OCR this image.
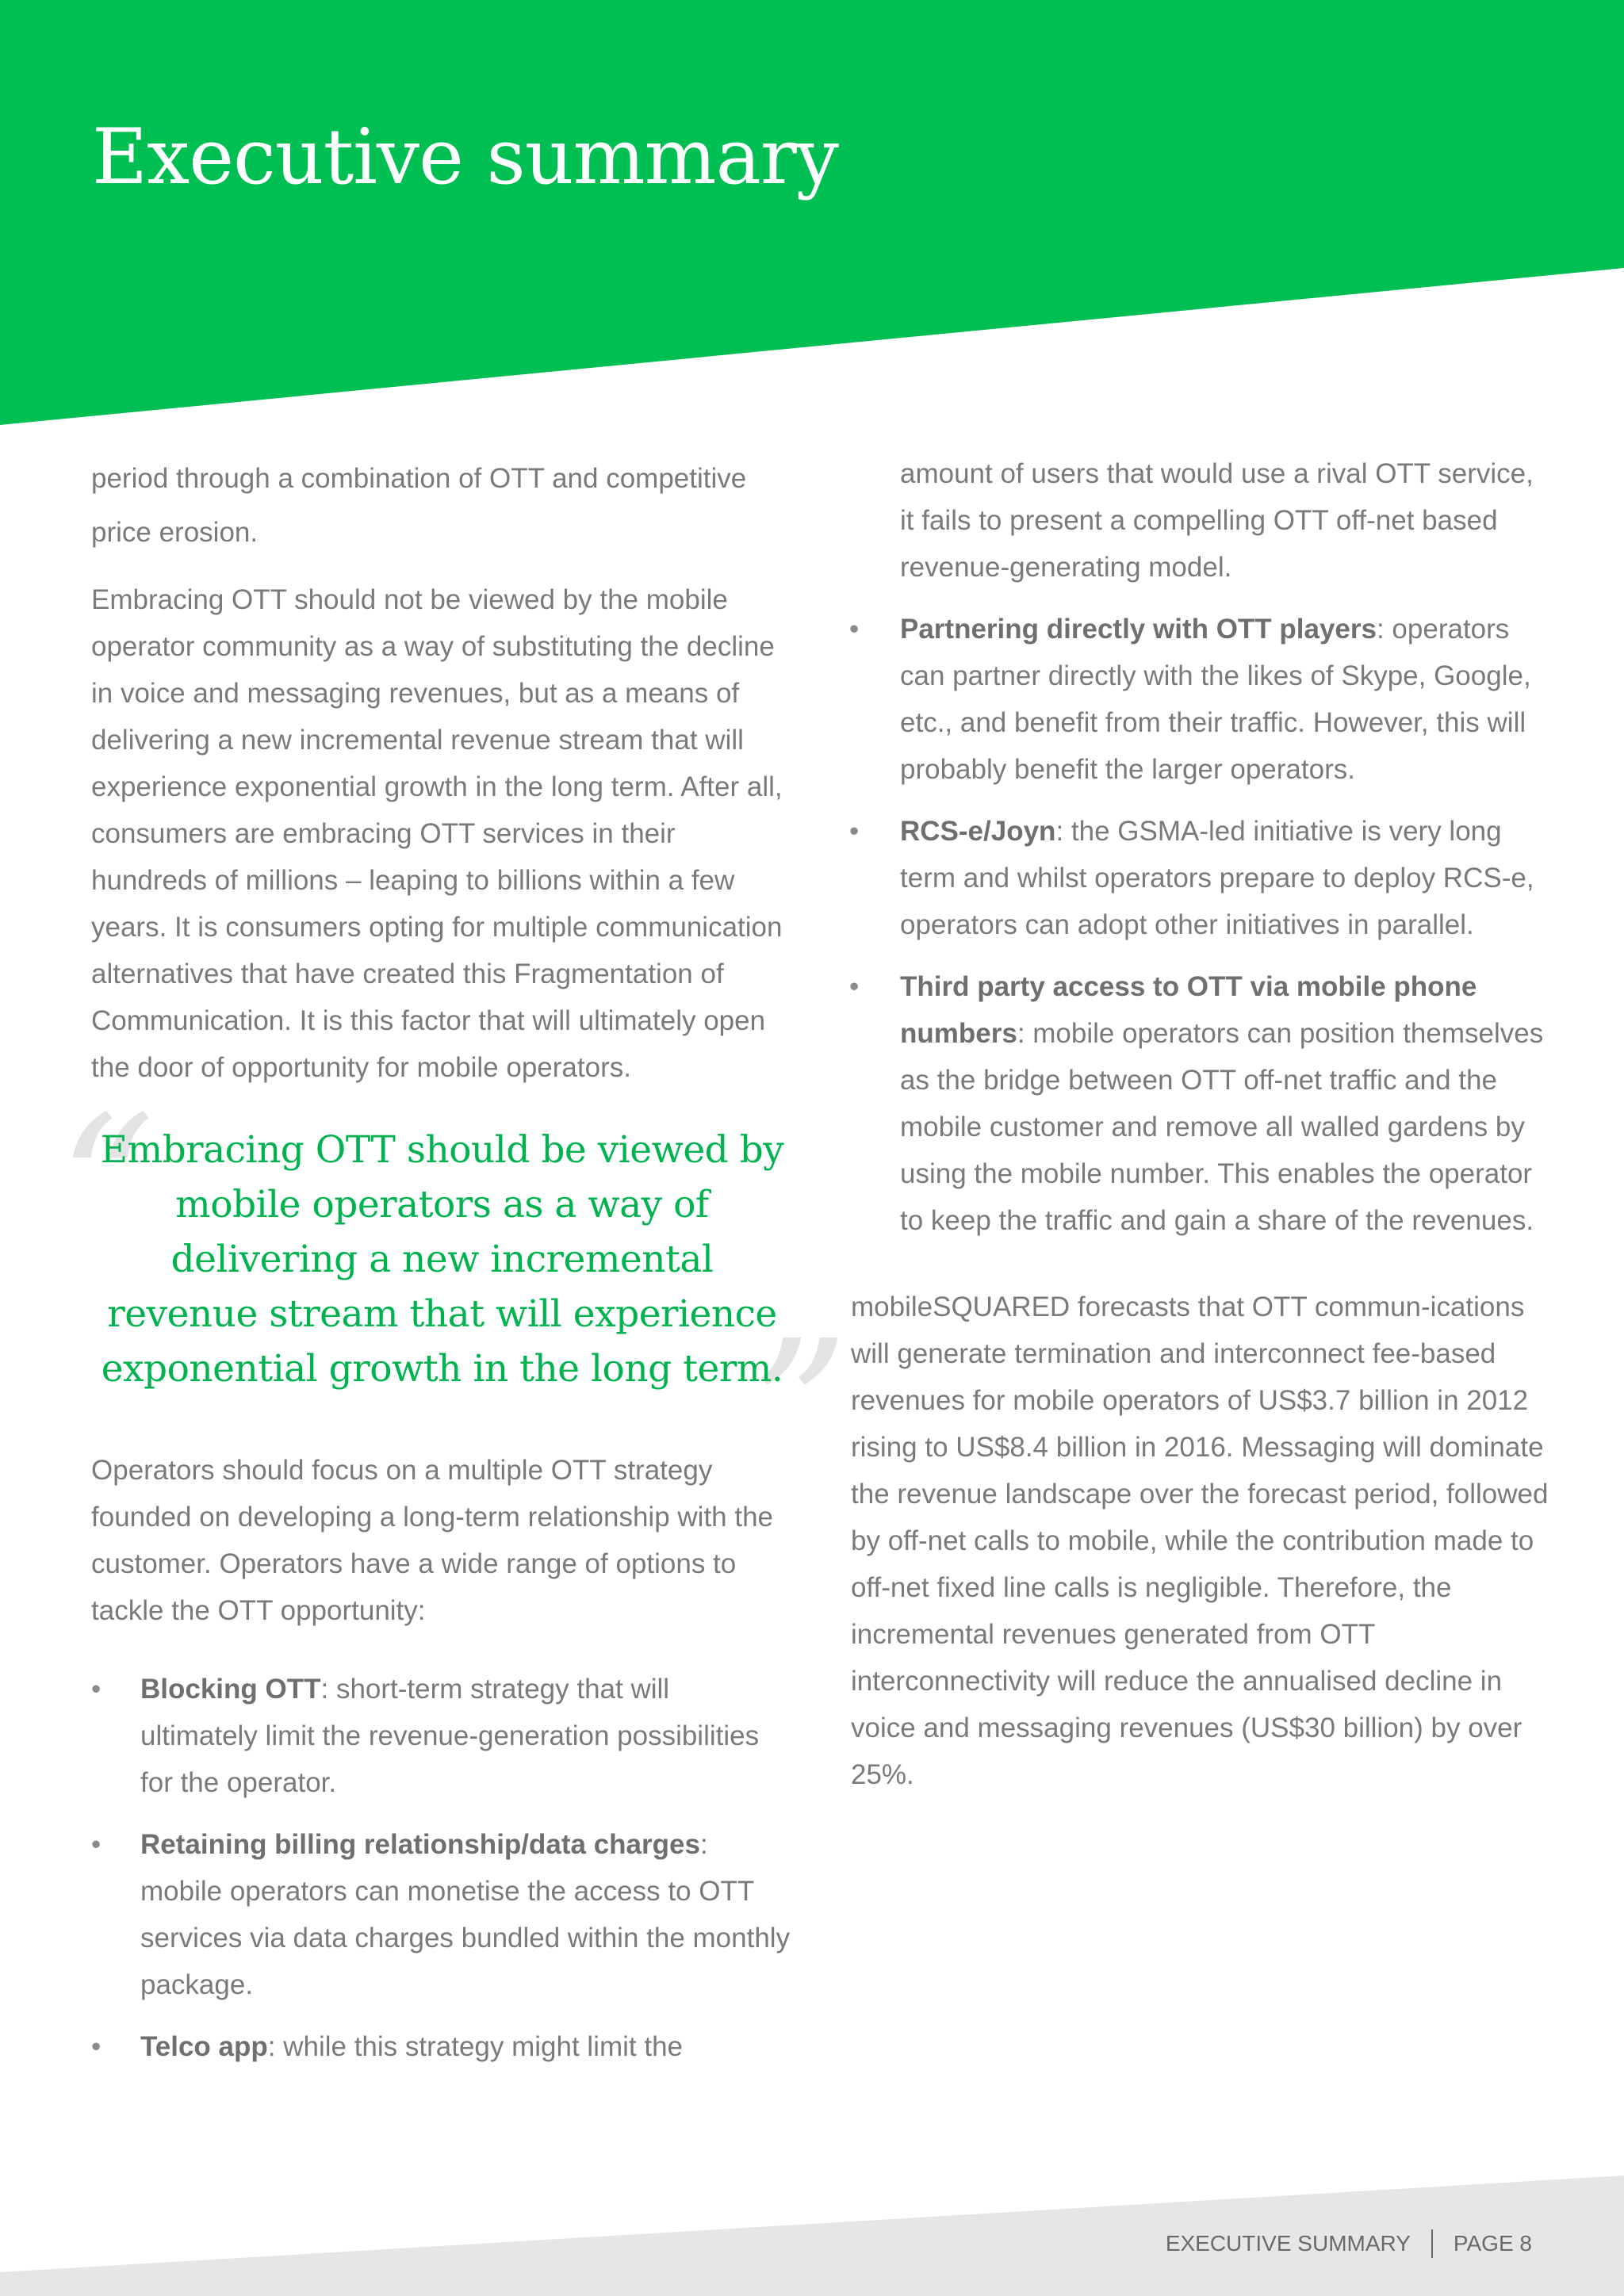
Executive summary

period through a combination of OTT and competitive price erosion.

Embracing OTT should not be viewed by the mobile operator community as a way of substituting the decline in voice and messaging revenues, but as a means of delivering a new incremental revenue stream that will experience exponential growth in the long term. After all, consumers are embracing OTT services in their hundreds of millions – leaping to billions within a few years. It is consumers opting for multiple communication alternatives that have created this Fragmentation of Communication. It is this factor that will ultimately open the door of opportunity for mobile operators.

“
Embracing OTT should be viewed by mobile operators as a way of delivering a new incremental revenue stream that will experience exponential growth in the long term.
”

Operators should focus on a multiple OTT strategy founded on developing a long-term relationship with the customer. Operators have a wide range of options to tackle the OTT opportunity:

• Blocking OTT: short-term strategy that will ultimately limit the revenue-generation possibilities for the operator.
• Retaining billing relationship/data charges: mobile operators can monetise the access to OTT services via data charges bundled within the monthly package.
• Telco app: while this strategy might limit the

amount of users that would use a rival OTT service, it fails to present a compelling OTT off-net based revenue-generating model.

• Partnering directly with OTT players: operators can partner directly with the likes of Skype, Google, etc., and benefit from their traffic. However, this will probably benefit the larger operators.
• RCS-e/Joyn: the GSMA-led initiative is very long term and whilst operators prepare to deploy RCS-e, operators can adopt other initiatives in parallel.
• Third party access to OTT via mobile phone numbers: mobile operators can position themselves as the bridge between OTT off-net traffic and the mobile customer and remove all walled gardens by using the mobile number. This enables the operator to keep the traffic and gain a share of the revenues.

mobileSQUARED forecasts that OTT commun-ications will generate termination and interconnect fee-based revenues for mobile operators of US$3.7 billion in 2012 rising to US$8.4 billion in 2016. Messaging will dominate the revenue landscape over the forecast period, followed by off-net calls to mobile, while the contribution made to off-net fixed line calls is negligible. Therefore, the incremental revenues generated from OTT interconnectivity will reduce the annualised decline in voice and messaging revenues (US$30 billion) by over 25%.

EXECUTIVE SUMMARY PAGE 8
